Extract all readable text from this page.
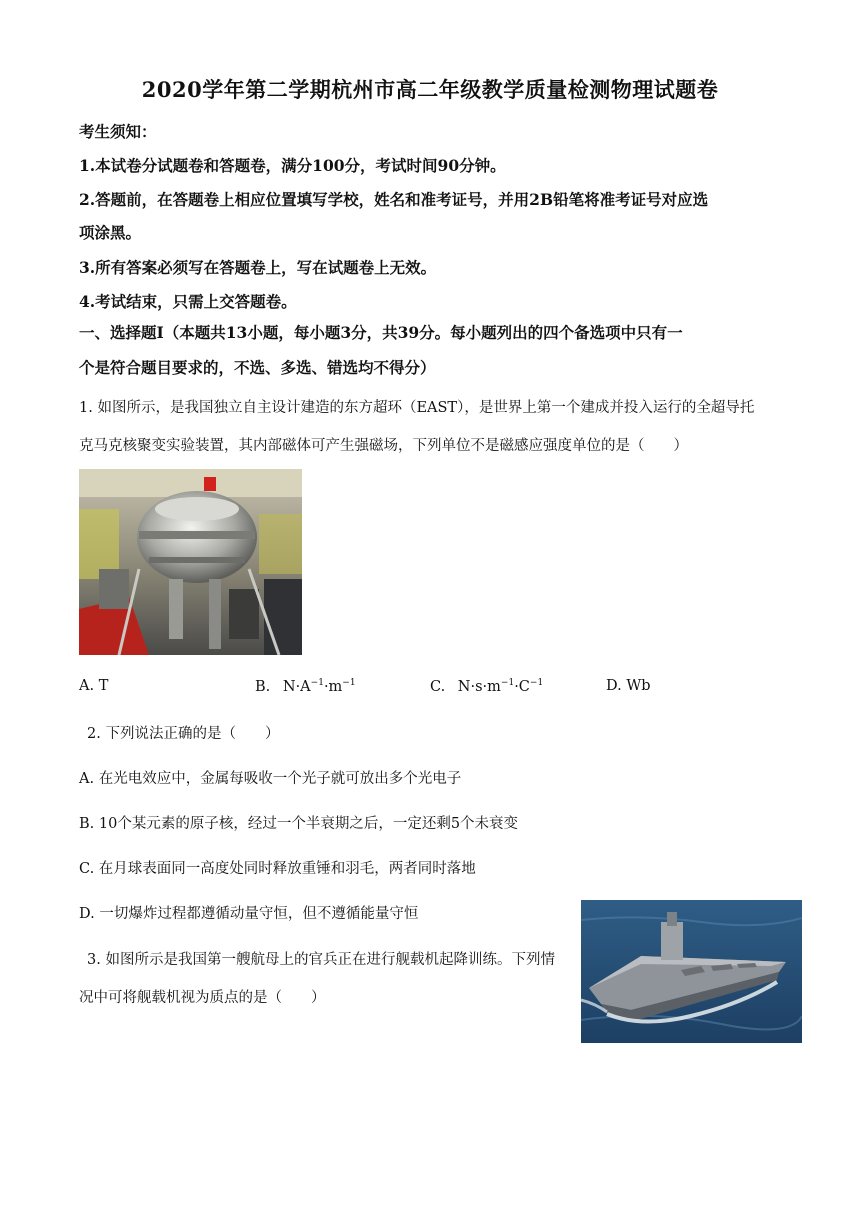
2020学年第二学期杭州市高二年级教学质量检测物理试题卷
考生须知：
1.本试卷分试题卷和答题卷，满分100分，考试时间90分钟。
2.答题前，在答题卷上相应位置填写学校，姓名和准考证号，并用2B铅笔将准考证号对应选
项涂黑。
3.所有答案必须写在答题卷上，写在试题卷上无效。
4.考试结束，只需上交答题卷。
一、选择题Ⅰ（本题共13小题，每小题3分，共39分。每小题列出的四个备选项中只有一
个是符合题目要求的，不选、多选、错选均不得分）
1. 如图所示，是我国独立自主设计建造的东方超环（EAST），是世界上第一个建成并投入运行的全超导托
克马克核聚变实验装置，其内部磁体可产生强磁场，下列单位不是磁感应强度单位的是（　　）
A. T	B. $N\cdot A^{-1}\cdot m^{-1}$	C. $N\cdot s\cdot m^{-1}\cdot C^{-1}$	D. Wb
2. 下列说法正确的是（　　）
A. 在光电效应中，金属每吸收一个光子就可放出多个光电子
B. 10个某元素的原子核，经过一个半衰期之后，一定还剩5个未衰变
C. 在月球表面同一高度处同时释放重锤和羽毛，两者同时落地
D. 一切爆炸过程都遵循动量守恒，但不遵循能量守恒
3. 如图所示是我国第一艘航母上的官兵正在进行舰载机起降训练。下列情
况中可将舰载机视为质点的是（　　）
